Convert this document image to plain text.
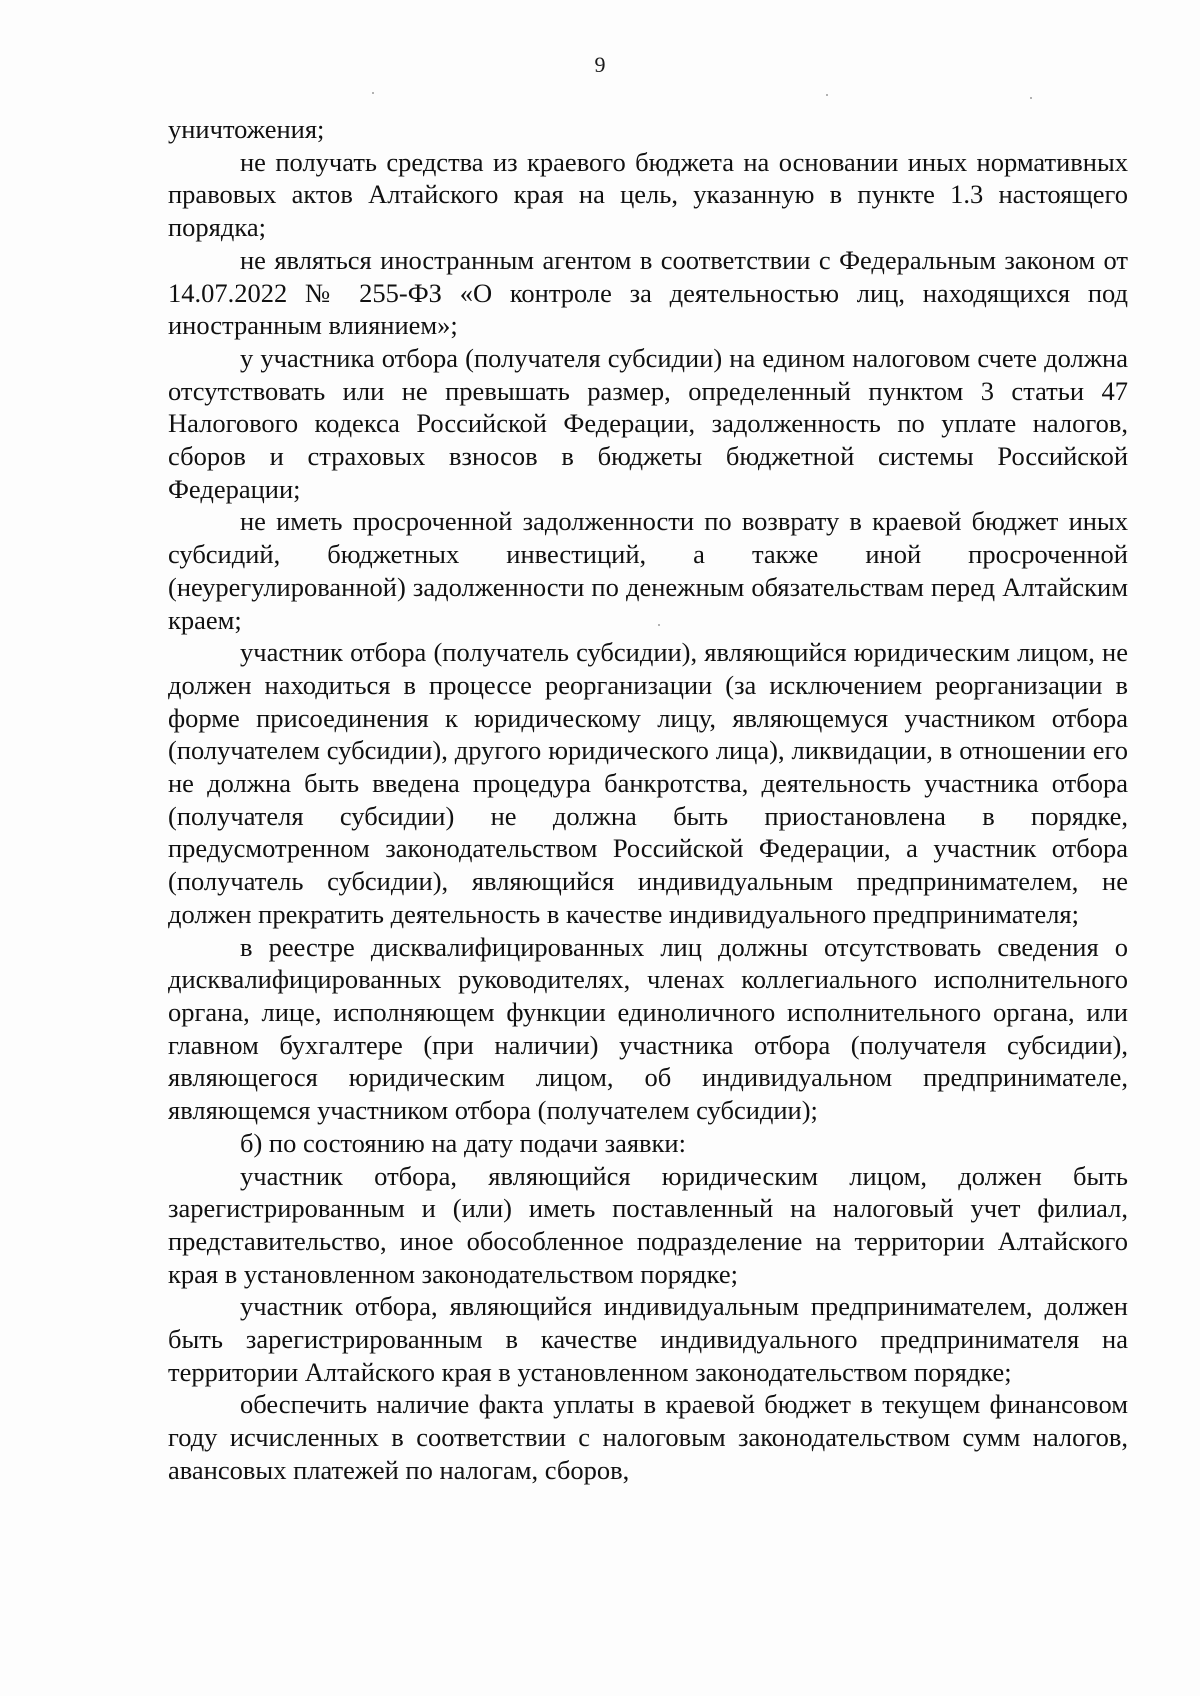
9

уничтожения;

не получать средства из краевого бюджета на основании иных нормативных правовых актов Алтайского края на цель, указанную в пункте 1.3 настоящего порядка;

не являться иностранным агентом в соответствии с Федеральным законом от 14.07.2022 № 255-ФЗ «О контроле за деятельностью лиц, находящихся под иностранным влиянием»;

у участника отбора (получателя субсидии) на едином налоговом счете должна отсутствовать или не превышать размер, определенный пунктом 3 статьи 47 Налогового кодекса Российской Федерации, задолженность по уплате налогов, сборов и страховых взносов в бюджеты бюджетной системы Российской Федерации;

не иметь просроченной задолженности по возврату в краевой бюджет иных субсидий, бюджетных инвестиций, а также иной просроченной (неурегулированной) задолженности по денежным обязательствам перед Алтайским краем;

участник отбора (получатель субсидии), являющийся юридическим лицом, не должен находиться в процессе реорганизации (за исключением реорганизации в форме присоединения к юридическому лицу, являющемуся участником отбора (получателем субсидии), другого юридического лица), ликвидации, в отношении его не должна быть введена процедура банкротства, деятельность участника отбора (получателя субсидии) не должна быть приостановлена в порядке, предусмотренном законодательством Российской Федерации, а участник отбора (получатель субсидии), являющийся индивидуальным предпринимателем, не должен прекратить деятельность в качестве индивидуального предпринимателя;

в реестре дисквалифицированных лиц должны отсутствовать сведения о дисквалифицированных руководителях, членах коллегиального исполнительного органа, лице, исполняющем функции единоличного исполнительного органа, или главном бухгалтере (при наличии) участника отбора (получателя субсидии), являющегося юридическим лицом, об индивидуальном предпринимателе, являющемся участником отбора (получателем субсидии);

б) по состоянию на дату подачи заявки:

участник отбора, являющийся юридическим лицом, должен быть зарегистрированным и (или) иметь поставленный на налоговый учет филиал, представительство, иное обособленное подразделение на территории Алтайского края в установленном законодательством порядке;

участник отбора, являющийся индивидуальным предпринимателем, должен быть зарегистрированным в качестве индивидуального предпринимателя на территории Алтайского края в установленном законодательством порядке;

обеспечить наличие факта уплаты в краевой бюджет в текущем финансовом году исчисленных в соответствии с налоговым законодательством сумм налогов, авансовых платежей по налогам, сборов,
